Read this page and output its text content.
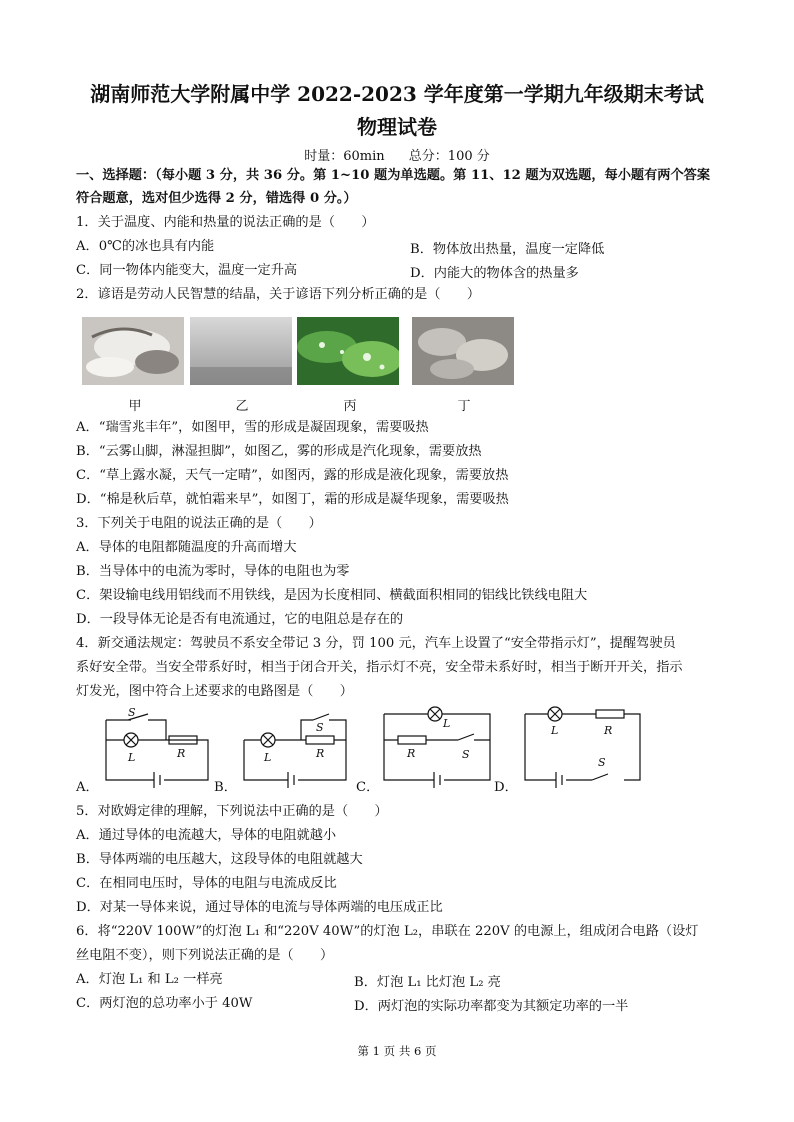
湖南师范大学附属中学 2022-2023 学年度第一学期九年级期末考试
物理试卷
时量：60min 总分：100 分
一、选择题：（每小题 3 分，共 36 分。第 1~10 题为单选题。第 11、12 题为双选题，每小题有两个答案
符合题意，选对但少选得 2 分，错选得 0 分。）
1．关于温度、内能和热量的说法正确的是（　　）
A．0℃的冰也具有内能	B．物体放出热量，温度一定降低
C．同一物体内能变大，温度一定升高	D．内能大的物体含的热量多
2．谚语是劳动人民智慧的结晶，关于谚语下列分析正确的是（　　）
甲	乙	丙	丁
A．“瑞雪兆丰年”，如图甲，雪的形成是凝固现象，需要吸热
B．“云雾山脚，淋湿担脚”，如图乙，雾的形成是汽化现象，需要放热
C．“草上露水凝，天气一定晴”，如图丙，露的形成是液化现象，需要放热
D．“棉是秋后草，就怕霜来早”，如图丁，霜的形成是凝华现象，需要吸热
3．下列关于电阻的说法正确的是（　　）
A．导体的电阻都随温度的升高而增大
B．当导体中的电流为零时，导体的电阻也为零
C．架设输电线用铝线而不用铁线，是因为长度相同、横截面积相同的铝线比铁线电阻大
D．一段导体无论是否有电流通过，它的电阻总是存在的
4．新交通法规定：驾驶员不系安全带记 3 分，罚 100 元，汽车上设置了“安全带指示灯”，提醒驾驶员
系好安全带。当安全带系好时，相当于闭合开关，指示灯不亮，安全带未系好时，相当于断开开关，指示
灯发光，图中符合上述要求的电路图是（　　）
S
L	R
S
L	R
L
R	S
L	R
S
A．	B．	C．	D．
5．对欧姆定律的理解，下列说法中正确的是（　　）
A．通过导体的电流越大，导体的电阻就越小
B．导体两端的电压越大，这段导体的电阻就越大
C．在相同电压时，导体的电阻与电流成反比
D．对某一导体来说，通过导体的电流与导体两端的电压成正比
6．将“220V 100W”的灯泡 L₁ 和“220V 40W”的灯泡 L₂，串联在 220V 的电源上，组成闭合电路（设灯
丝电阻不变），则下列说法正确的是（　　）
A．灯泡 L₁ 和 L₂ 一样亮	B．灯泡 L₁ 比灯泡 L₂ 亮
C．两灯泡的总功率小于 40W	D．两灯泡的实际功率都变为其额定功率的一半
第 1 页 共 6 页
